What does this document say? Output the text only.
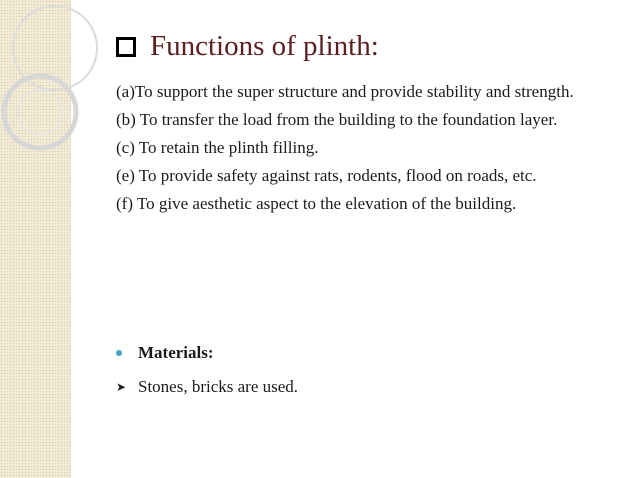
Functions of plinth:
(a)To support the super structure and provide stability and strength.
(b) To transfer the load from the building to the foundation layer.
(c) To retain the plinth filling.
(e) To provide safety against rats, rodents, flood on roads, etc.
(f) To give aesthetic aspect to the elevation of the building.
Materials:
➤ Stones, bricks are used.
